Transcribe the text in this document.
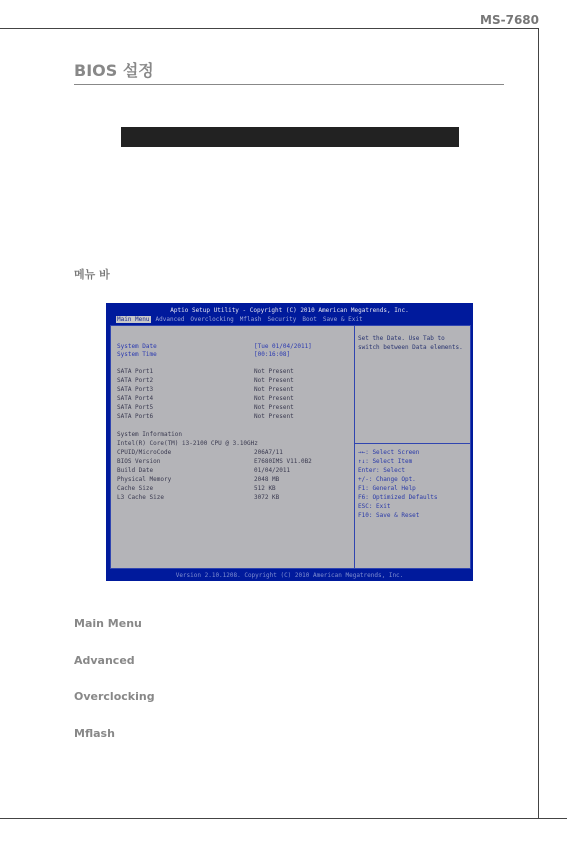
MS-7680
BIOS 설정
메뉴 바
Aptio Setup Utility - Copyright (C) 2010 American Megatrends, Inc.
Main Menu Advanced Overclocking Mflash Security Boot Save & Exit
System Date	[Tue 01/04/2011]
System Time	[00:16:08]
SATA Port1	Not Present
SATA Port2	Not Present
SATA Port3	Not Present
SATA Port4	Not Present
SATA Port5	Not Present
SATA Port6	Not Present
System Information
Intel(R) Core(TM) i3-2100 CPU @ 3.10GHz
CPUID/MicroCode	206A7/11
BIOS Version	E7680IMS V11.0B2
Build Date	01/04/2011
Physical Memory	2048 MB
Cache Size	512 KB
L3 Cache Size	3072 KB
Set the Date. Use Tab to switch between Data elements.
→←: Select Screen
↑↓: Select Item
Enter: Select
+/-: Change Opt.
F1: General Help
F6: Optimized Defaults
ESC: Exit
F10: Save & Reset
Version 2.10.1208. Copyright (C) 2010 American Megatrends, Inc.
Main Menu
Advanced
Overclocking
Mflash
